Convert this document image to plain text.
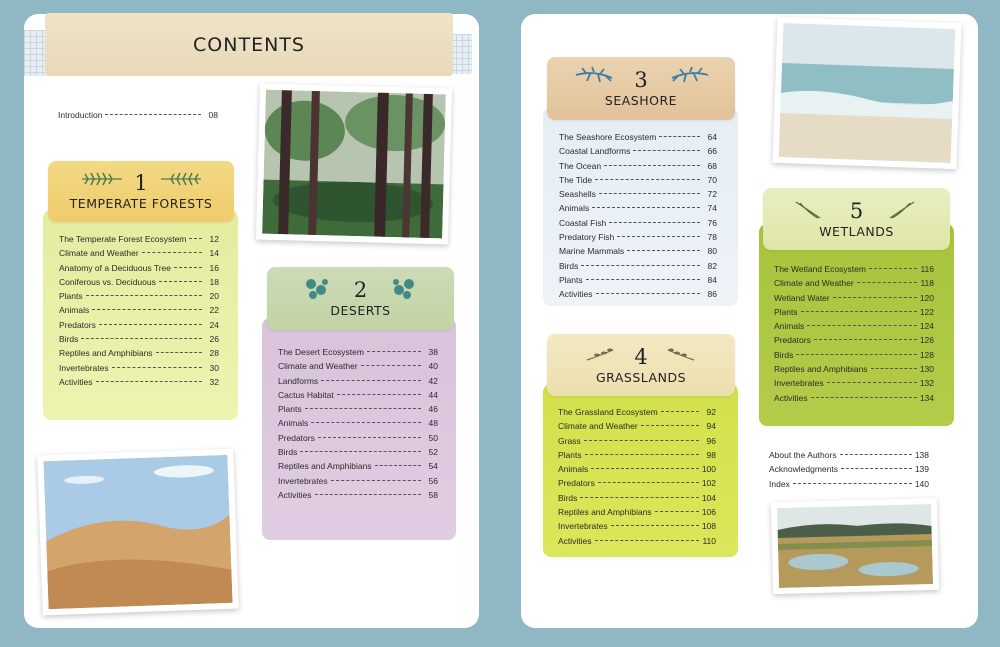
CONTENTS
Introduction	08
1
TEMPERATE FORESTS
The Temperate Forest Ecosystem	12
Climate and Weather	14
Anatomy of a Deciduous Tree	16
Coniferous vs. Deciduous	18
Plants	20
Animals	22
Predators	24
Birds	26
Reptiles and Amphibians	28
Invertebrates	30
Activities	32
2
DESERTS
The Desert Ecosystem	38
Climate and Weather	40
Landforms	42
Cactus Habitat	44
Plants	46
Animals	48
Predators	50
Birds	52
Reptiles and Amphibians	54
Invertebrates	56
Activities	58
3
SEASHORE
The Seashore Ecosystem	64
Coastal Landforms	66
The Ocean	68
The Tide	70
Seashells	72
Animals	74
Coastal Fish	76
Predatory Fish	78
Marine Mammals	80
Birds	82
Plants	84
Activities	86
4
GRASSLANDS
The Grassland Ecosystem	92
Climate and Weather	94
Grass	96
Plants	98
Animals	100
Predators	102
Birds	104
Reptiles and Amphibians	106
Invertebrates	108
Activities	110
5
WETLANDS
The Wetland Ecosystem	116
Climate and Weather	118
Wetland Water	120
Plants	122
Animals	124
Predators	126
Birds	128
Reptiles and Amphibians	130
Invertebrates	132
Activities	134
About the Authors	138
Acknowledgments	139
Index	140
